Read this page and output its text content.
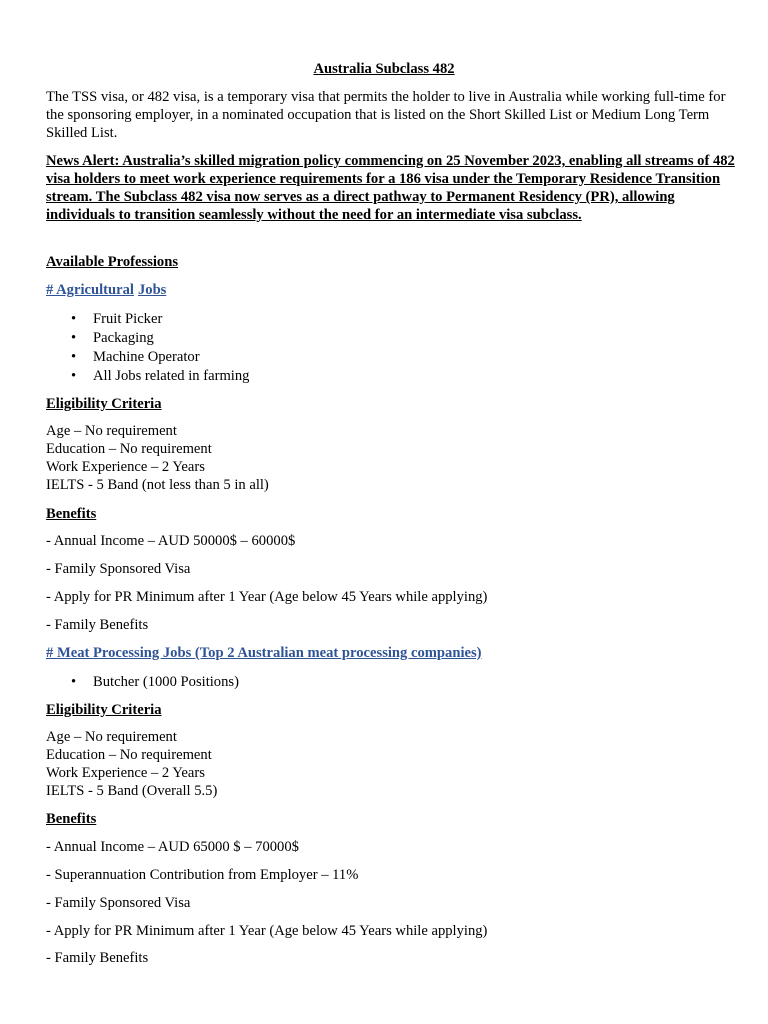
Australia Subclass 482
The TSS visa, or 482 visa, is a temporary visa that permits the holder to live in Australia while working full-time for the sponsoring employer, in a nominated occupation that is listed on the Short Skilled List or Medium Long Term Skilled List.
News Alert: Australia’s skilled migration policy commencing on 25 November 2023, enabling all streams of 482 visa holders to meet work experience requirements for a 186 visa under the Temporary Residence Transition stream. The Subclass 482 visa now serves as a direct pathway to Permanent Residency (PR), allowing individuals to transition seamlessly without the need for an intermediate visa subclass.
Available Professions
# Agricultural Jobs
• Fruit Picker
• Packaging
• Machine Operator
• All Jobs related in farming
Eligibility Criteria
Age – No requirement
Education – No requirement
Work Experience – 2 Years
IELTS - 5 Band (not less than 5 in all)
Benefits
- Annual Income – AUD 50000$ – 60000$
- Family Sponsored Visa
- Apply for PR Minimum after 1 Year (Age below 45 Years while applying)
- Family Benefits
# Meat Processing Jobs (Top 2 Australian meat processing companies)
• Butcher (1000 Positions)
Eligibility Criteria
Age – No requirement
Education – No requirement
Work Experience – 2 Years
IELTS - 5 Band (Overall 5.5)
Benefits
- Annual Income – AUD 65000 $ – 70000$
- Superannuation Contribution from Employer – 11%
- Family Sponsored Visa
- Apply for PR Minimum after 1 Year (Age below 45 Years while applying)
- Family Benefits
